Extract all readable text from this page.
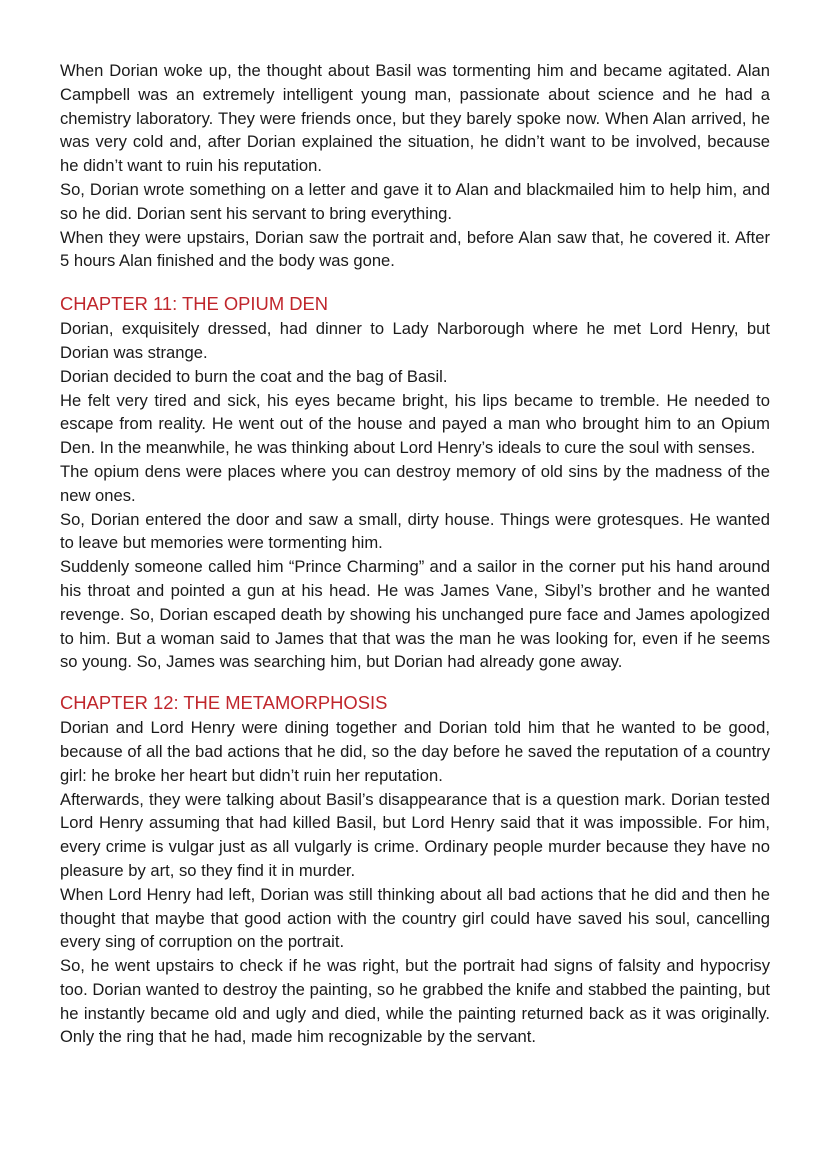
When Dorian woke up, the thought about Basil was tormenting him and became agitated. Alan Campbell was an extremely intelligent young man, passionate about science and he had a chemistry laboratory. They were friends once, but they barely spoke now. When Alan arrived, he was very cold and, after Dorian explained the situation, he didn’t want to be involved, because he didn’t want to ruin his reputation.

So, Dorian wrote something on a letter and gave it to Alan and blackmailed him to help him, and so he did. Dorian sent his servant to bring everything.

When they were upstairs, Dorian saw the portrait and, before Alan saw that, he covered it. After 5 hours Alan finished and the body was gone.

CHAPTER 11: THE OPIUM DEN

Dorian, exquisitely dressed, had dinner to Lady Narborough where he met Lord Henry, but Dorian was strange.

Dorian decided to burn the coat and the bag of Basil.

He felt very tired and sick, his eyes became bright, his lips became to tremble. He needed to escape from reality. He went out of the house and payed a man who brought him to an Opium Den. In the meanwhile, he was thinking about Lord Henry’s ideals to cure the soul with senses.

The opium dens were places where you can destroy memory of old sins by the madness of the new ones.

So, Dorian entered the door and saw a small, dirty house. Things were grotesques. He wanted to leave but memories were tormenting him.

Suddenly someone called him “Prince Charming” and a sailor in the corner put his hand around his throat and pointed a gun at his head. He was James Vane, Sibyl’s brother and he wanted revenge. So, Dorian escaped death by showing his unchanged pure face and James apologized to him. But a woman said to James that that was the man he was looking for, even if he seems so young. So, James was searching him, but Dorian had already gone away.

CHAPTER 12: THE METAMORPHOSIS

Dorian and Lord Henry were dining together and Dorian told him that he wanted to be good, because of all the bad actions that he did, so the day before he saved the reputation of a country girl: he broke her heart but didn’t ruin her reputation.

Afterwards, they were talking about Basil’s disappearance that is a question mark. Dorian tested Lord Henry assuming that had killed Basil, but Lord Henry said that it was impossible. For him, every crime is vulgar just as all vulgarly is crime. Ordinary people murder because they have no pleasure by art, so they find it in murder.

When Lord Henry had left, Dorian was still thinking about all bad actions that he did and then he thought that maybe that good action with the country girl could have saved his soul, cancelling every sing of corruption on the portrait.

So, he went upstairs to check if he was right, but the portrait had signs of falsity and hypocrisy too. Dorian wanted to destroy the painting, so he grabbed the knife and stabbed the painting, but he instantly became old and ugly and died, while the painting returned back as it was originally. Only the ring that he had, made him recognizable by the servant.
